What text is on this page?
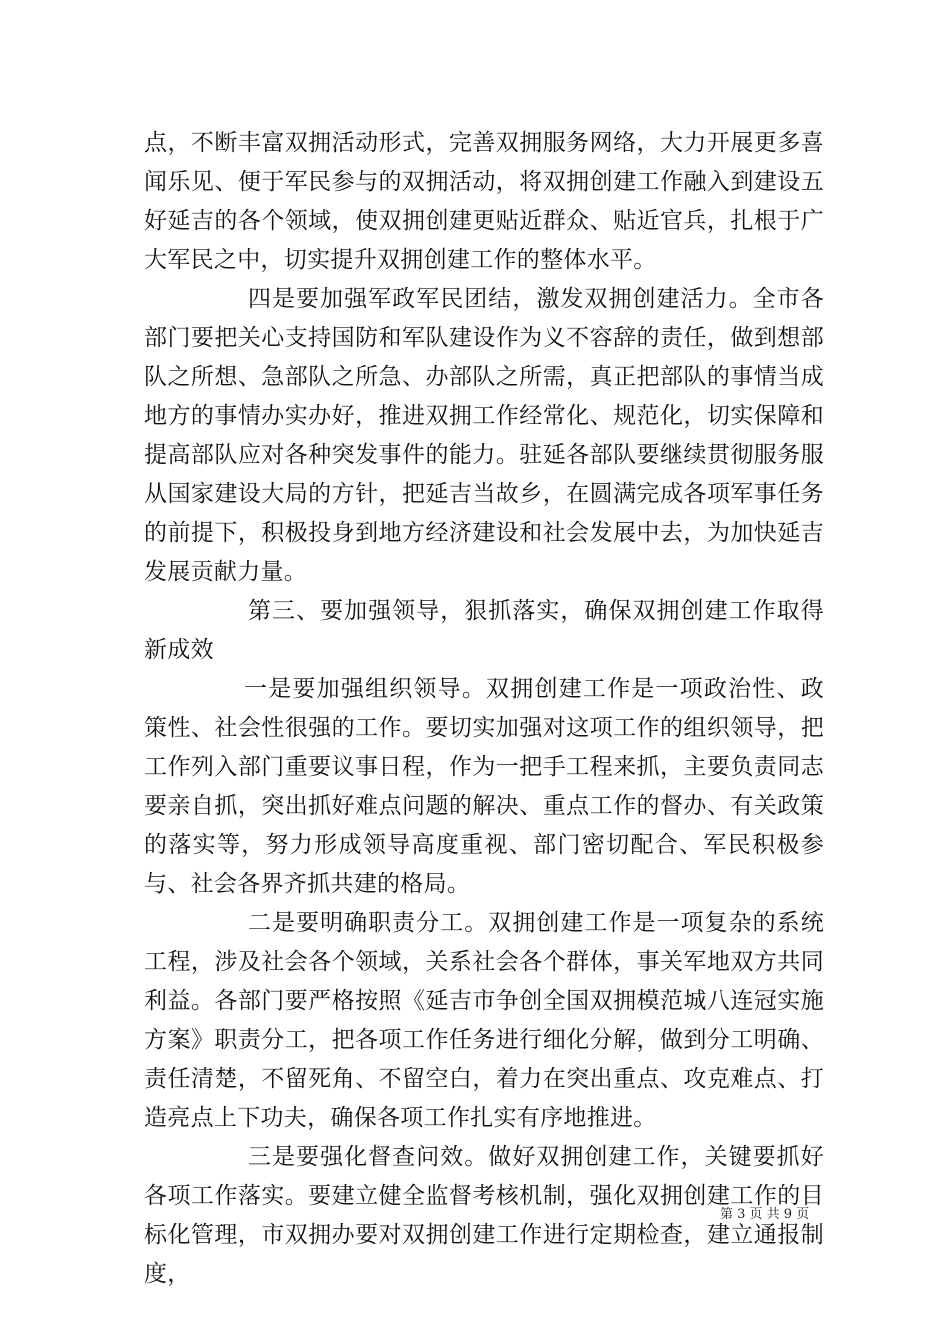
点，不断丰富双拥活动形式，完善双拥服务网络，大力开展更多喜闻乐见、便于军民参与的双拥活动，将双拥创建工作融入到建设五好延吉的各个领域，使双拥创建更贴近群众、贴近官兵，扎根于广大军民之中，切实提升双拥创建工作的整体水平。

四是要加强军政军民团结，激发双拥创建活力。全市各部门要把关心支持国防和军队建设作为义不容辞的责任，做到想部队之所想、急部队之所急、办部队之所需，真正把部队的事情当成地方的事情办实办好，推进双拥工作经常化、规范化，切实保障和提高部队应对各种突发事件的能力。驻延各部队要继续贯彻服务服从国家建设大局的方针，把延吉当故乡，在圆满完成各项军事任务的前提下，积极投身到地方经济建设和社会发展中去，为加快延吉发展贡献力量。

第三、要加强领导，狠抓落实，确保双拥创建工作取得新成效

一是要加强组织领导。双拥创建工作是一项政治性、政策性、社会性很强的工作。要切实加强对这项工作的组织领导，把工作列入部门重要议事日程，作为一把手工程来抓，主要负责同志要亲自抓，突出抓好难点问题的解决、重点工作的督办、有关政策的落实等，努力形成领导高度重视、部门密切配合、军民积极参与、社会各界齐抓共建的格局。

二是要明确职责分工。双拥创建工作是一项复杂的系统工程，涉及社会各个领域，关系社会各个群体，事关军地双方共同利益。各部门要严格按照《延吉市争创全国双拥模范城八连冠实施方案》职责分工，把各项工作任务进行细化分解，做到分工明确、责任清楚，不留死角、不留空白，着力在突出重点、攻克难点、打造亮点上下功夫，确保各项工作扎实有序地推进。

三是要强化督查问效。做好双拥创建工作，关键要抓好各项工作落实。要建立健全监督考核机制，强化双拥创建工作的目标化管理，市双拥办要对双拥创建工作进行定期检查，建立通报制度，

第 3 页 共 9 页
